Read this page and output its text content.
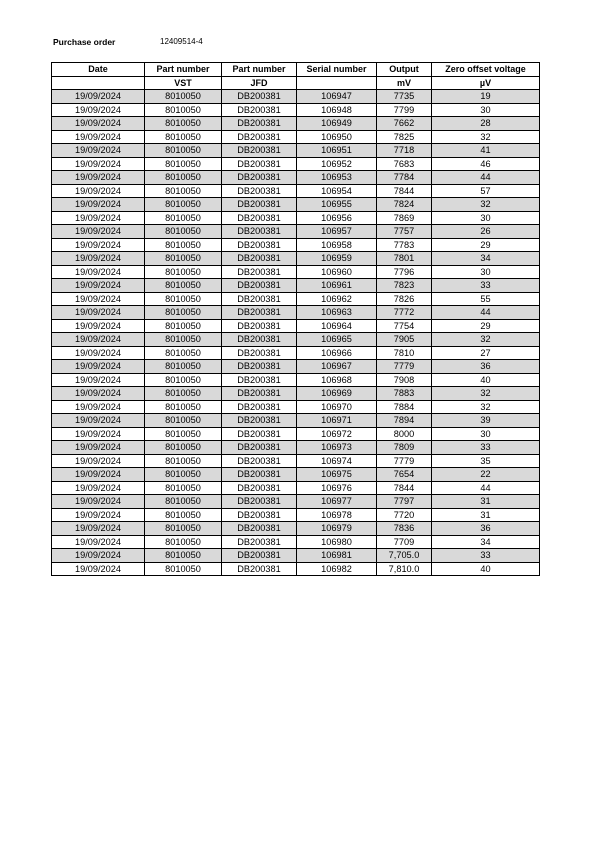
Purchase order	12409514-4
Date	Part number	Part number	Serial number	Output	Zero offset voltage
	VST	JFD		mV	µV
19/09/2024	8010050	DB200381	106947	7735	19
19/09/2024	8010050	DB200381	106948	7799	30
19/09/2024	8010050	DB200381	106949	7662	28
19/09/2024	8010050	DB200381	106950	7825	32
19/09/2024	8010050	DB200381	106951	7718	41
19/09/2024	8010050	DB200381	106952	7683	46
19/09/2024	8010050	DB200381	106953	7784	44
19/09/2024	8010050	DB200381	106954	7844	57
19/09/2024	8010050	DB200381	106955	7824	32
19/09/2024	8010050	DB200381	106956	7869	30
19/09/2024	8010050	DB200381	106957	7757	26
19/09/2024	8010050	DB200381	106958	7783	29
19/09/2024	8010050	DB200381	106959	7801	34
19/09/2024	8010050	DB200381	106960	7796	30
19/09/2024	8010050	DB200381	106961	7823	33
19/09/2024	8010050	DB200381	106962	7826	55
19/09/2024	8010050	DB200381	106963	7772	44
19/09/2024	8010050	DB200381	106964	7754	29
19/09/2024	8010050	DB200381	106965	7905	32
19/09/2024	8010050	DB200381	106966	7810	27
19/09/2024	8010050	DB200381	106967	7779	36
19/09/2024	8010050	DB200381	106968	7908	40
19/09/2024	8010050	DB200381	106969	7883	32
19/09/2024	8010050	DB200381	106970	7884	32
19/09/2024	8010050	DB200381	106971	7894	39
19/09/2024	8010050	DB200381	106972	8000	30
19/09/2024	8010050	DB200381	106973	7809	33
19/09/2024	8010050	DB200381	106974	7779	35
19/09/2024	8010050	DB200381	106975	7654	22
19/09/2024	8010050	DB200381	106976	7844	44
19/09/2024	8010050	DB200381	106977	7797	31
19/09/2024	8010050	DB200381	106978	7720	31
19/09/2024	8010050	DB200381	106979	7836	36
19/09/2024	8010050	DB200381	106980	7709	34
19/09/2024	8010050	DB200381	106981	7,705.0	33
19/09/2024	8010050	DB200381	106982	7,810.0	40
